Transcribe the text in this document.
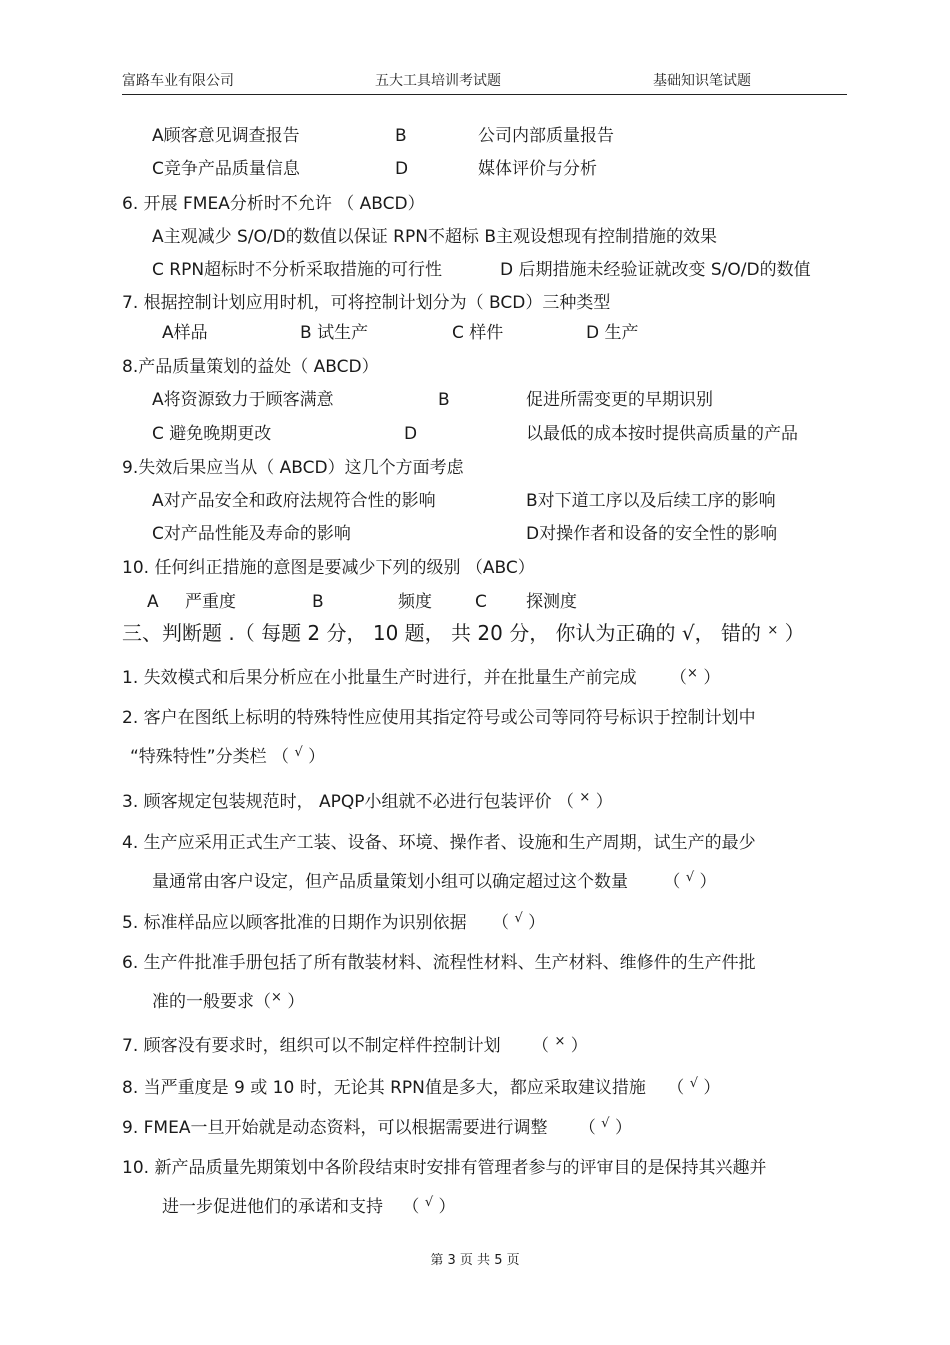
富路车业有限公司	五大工具培训考试题	基础知识笔试题
A顾客意见调查报告	B	公司内部质量报告
C竞争产品质量信息	D	媒体评价与分析
6. 开展 FMEA分析时不允许 （ ABCD）
A主观减少 S/O/D的数值以保证 RPN不超标 B主观设想现有控制措施的效果
C RPN超标时不分析采取措施的可行性	D 后期措施未经验证就改变 S/O/D的数值
7. 根据控制计划应用时机，可将控制计划分为（ BCD）三种类型
A样品	B 试生产	C 样件	D 生产
8.产品质量策划的益处（ ABCD）
A将资源致力于顾客满意	B	促进所需变更的早期识别
C 避免晚期更改	D	以最低的成本按时提供高质量的产品
9.失效后果应当从（ ABCD）这几个方面考虑
A对产品安全和政府法规符合性的影响	B对下道工序以及后续工序的影响
C对产品性能及寿命的影响	D对操作者和设备的安全性的影响
10. 任何纠正措施的意图是要减少下列的级别 （ABC）
A 严重度	B	频度	C 探测度
三、判断题 .（ 每题 2 分， 10 题， 共 20 分， 你认为正确的 √， 错的 × ）
1. 失效模式和后果分析应在小批量生产时进行，并在批量生产前完成 （× ）
2. 客户在图纸上标明的特殊特性应使用其指定符号或公司等同符号标识于控制计划中
“特殊特性”分类栏 （ √ ）
3. 顾客规定包装规范时， APQP小组就不必进行包装评价 （ × ）
4. 生产应采用正式生产工装、设备、环境、操作者、设施和生产周期，试生产的最少
量通常由客户设定，但产品质量策划小组可以确定超过这个数量 （ √ ）
5. 标准样品应以顾客批准的日期作为识别依据 （ √ ）
6. 生产件批准手册包括了所有散装材料、流程性材料、生产材料、维修件的生产件批
准的一般要求（× ）
7. 顾客没有要求时，组织可以不制定样件控制计划 （ × ）
8. 当严重度是 9 或 10 时，无论其 RPN值是多大，都应采取建议措施 （ √ ）
9. FMEA一旦开始就是动态资料，可以根据需要进行调整 （ √ ）
10. 新产品质量先期策划中各阶段结束时安排有管理者参与的评审目的是保持其兴趣并
进一步促进他们的承诺和支持 （ √ ）
第 3 页 共 5 页
